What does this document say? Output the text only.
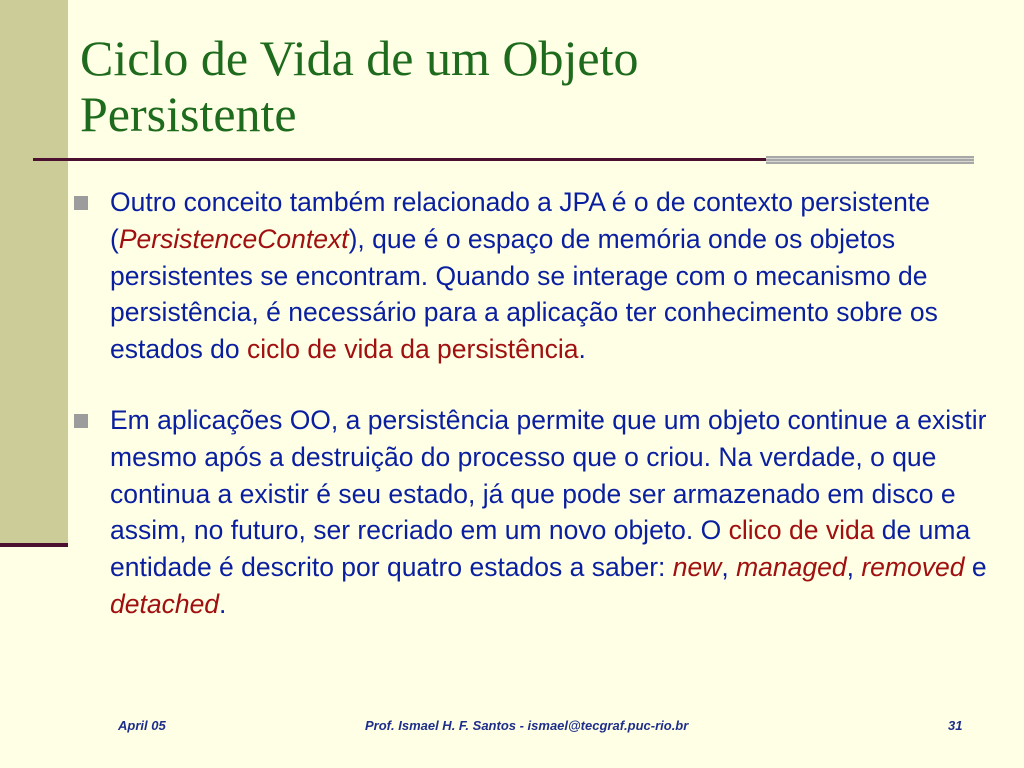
Ciclo de Vida de um Objeto
Persistente
Outro conceito também relacionado a JPA é o de contexto persistente (PersistenceContext), que é o espaço de memória onde os objetos persistentes se encontram. Quando se interage com o mecanismo de persistência, é necessário para a aplicação ter conhecimento sobre os estados do ciclo de vida da persistência.
Em aplicações OO, a persistência permite que um objeto continue a existir mesmo após a destruição do processo que o criou. Na verdade, o que continua a existir é seu estado, já que pode ser armazenado em disco e assim, no futuro, ser recriado em um novo objeto. O clico de vida de uma entidade é descrito por quatro estados a saber: new, managed, removed e detached.
April 05	Prof. Ismael H. F. Santos - ismael@tecgraf.puc-rio.br	31
